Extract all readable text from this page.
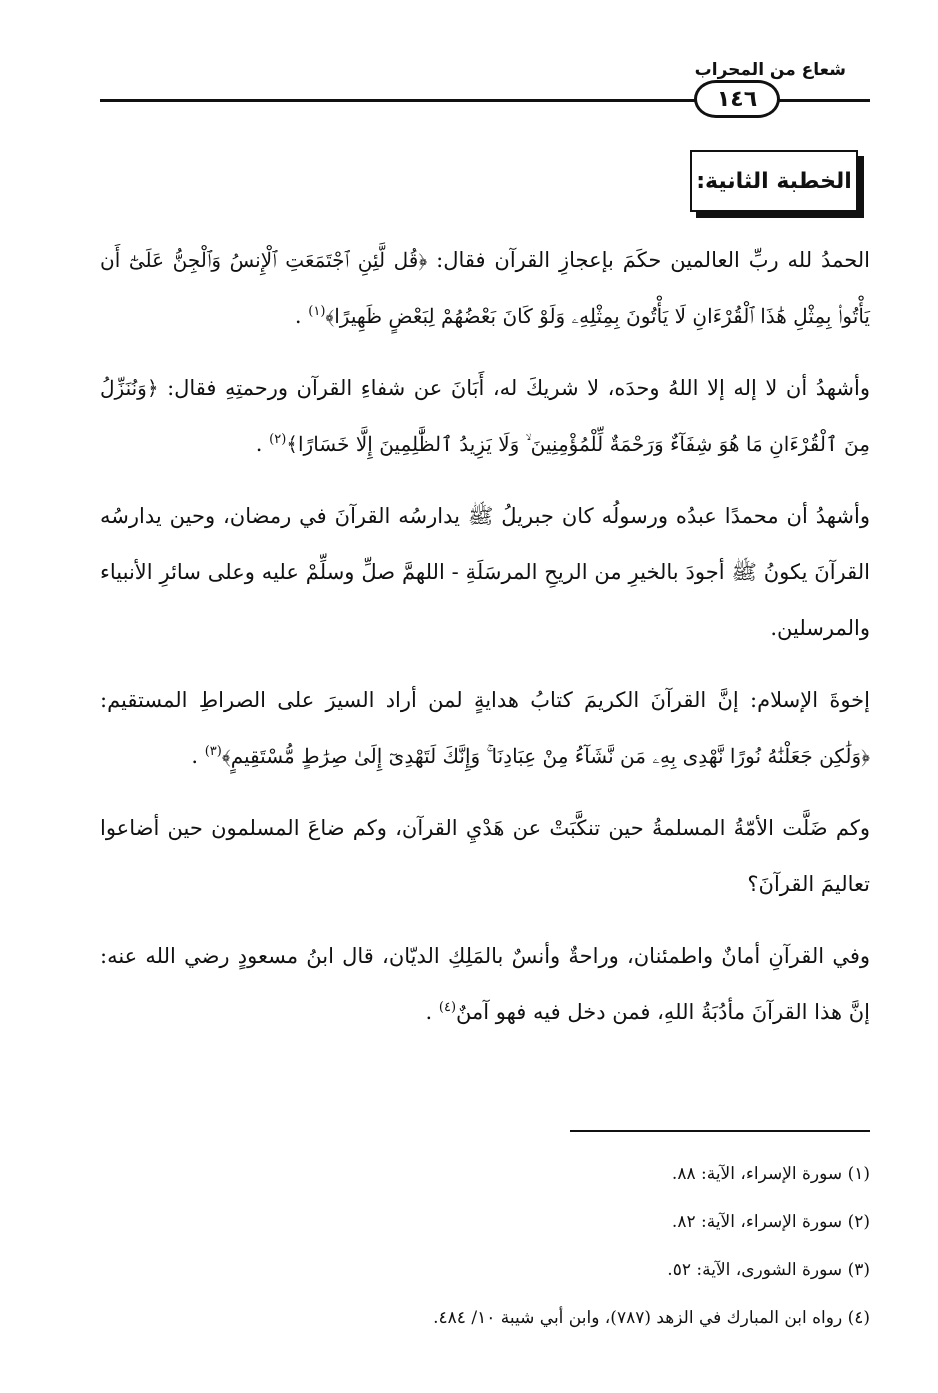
شعاع من المحراب
١٤٦
الخطبة الثانية:

الحمدُ لله ربِّ العالمين حكَمَ بإعجازِ القرآن فقال: ﴿قُل لَّئِنِ ٱجْتَمَعَتِ ٱلْإِنسُ وَٱلْجِنُّ عَلَىٰٓ أَن يَأْتُوا۟ بِمِثْلِ هَٰذَا ٱلْقُرْءَانِ لَا يَأْتُونَ بِمِثْلِهِۦ وَلَوْ كَانَ بَعْضُهُمْ لِبَعْضٍ ظَهِيرًا﴾$^{(١)}$ .

وأشهدُ أن لا إله إلا اللهُ وحدَه، لا شريكَ له، أَبَانَ عن شفاءِ القرآن ورحمتِهِ فقال: ﴿وَنُنَزِّلُ مِنَ ٱلْقُرْءَانِ مَا هُوَ شِفَآءٌ وَرَحْمَةٌ لِّلْمُؤْمِنِينَ ۙ وَلَا يَزِيدُ ٱلظَّٰلِمِينَ إِلَّا خَسَارًا﴾$^{(٢)}$ .

وأشهدُ أن محمدًا عبدُه ورسولُه كان جبريلُ ﷺ يدارسُه القرآنَ في رمضان، وحين يدارسُه القرآنَ يكونُ ﷺ أجودَ بالخيرِ من الريحِ المرسَلَةِ - اللهمَّ صلِّ وسلِّمْ عليه وعلى سائرِ الأنبياء والمرسلين.

إخوةَ الإسلام: إنَّ القرآنَ الكريمَ كتابُ هدايةٍ لمن أراد السيرَ على الصراطِ المستقيم: ﴿وَلَٰكِن جَعَلْنَٰهُ نُورًا نَّهْدِى بِهِۦ مَن نَّشَآءُ مِنْ عِبَادِنَا ۚ وَإِنَّكَ لَتَهْدِىٓ إِلَىٰ صِرَٰطٍ مُّسْتَقِيمٍ﴾$^{(٣)}$ .

وكم ضَلَّت الأمّةُ المسلمةُ حين تنكَّبَتْ عن هَدْيِ القرآن، وكم ضاعَ المسلمون حين أضاعوا تعاليمَ القرآنَ؟

وفي القرآنِ أمانٌ واطمئنان، وراحةٌ وأنسٌ بالمَلِكِ الديّان، قال ابنُ مسعودٍ رضي الله عنه: إنَّ هذا القرآنَ مأدُبَةُ اللهِ، فمن دخل فيه فهو آمنٌ$^{(٤)}$ .

(١) سورة الإسراء، الآية: ٨٨.
(٢) سورة الإسراء، الآية: ٨٢.
(٣) سورة الشورى، الآية: ٥٢.
(٤) رواه ابن المبارك في الزهد (٧٨٧)، وابن أبي شيبة ١٠/ ٤٨٤.
